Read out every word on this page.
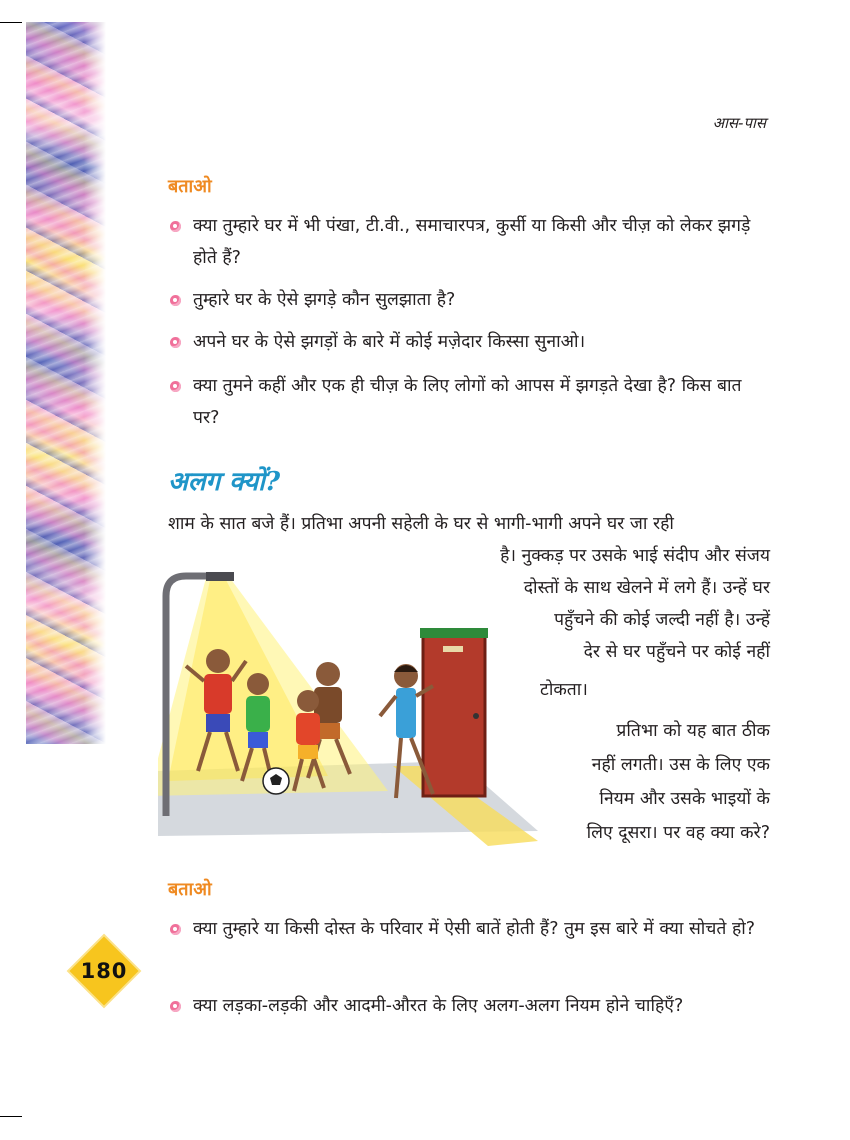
आस-पास
बताओ
क्या तुम्हारे घर में भी पंखा, टी.वी., समाचारपत्र, कुर्सी या किसी और चीज़ को लेकर झगड़े होते हैं?
तुम्हारे घर के ऐसे झगडे़ कौन सुलझाता है?
अपने घर के ऐसे झगड़ों के बारे में कोई मज़ेदार किस्सा सुनाओ।
क्या तुमने कहीं और एक ही चीज़ के लिए लोगों को आपस में झगड़ते देखा है? किस बात पर?
अलग क्यों?
शाम के सात बजे हैं। प्रतिभा अपनी सहेली के घर से भागी-भागी अपने घर जा रही
है। नुक्कड़ पर उसके भाई संदीप और संजय
दोस्तों के साथ खेलने में लगे हैं। उन्हें घर
पहुँचने की कोई जल्दी नहीं है। उन्हें
देर से घर पहुँचने पर कोई नहीं
टोकता।
प्रतिभा को यह बात ठीक
नहीं लगती। उस के लिए एक
नियम और उसके भाइयों के
लिए दूसरा। पर वह क्या करे?
बताओ
क्या तुम्हारे या किसी दोस्त के परिवार में ऐसी बातें होती हैं? तुम इस बारे में क्या सोचते हो?
क्या लड़का-लड़की और आदमी-औरत के लिए अलग-अलग नियम होने चाहिएँ?
180
